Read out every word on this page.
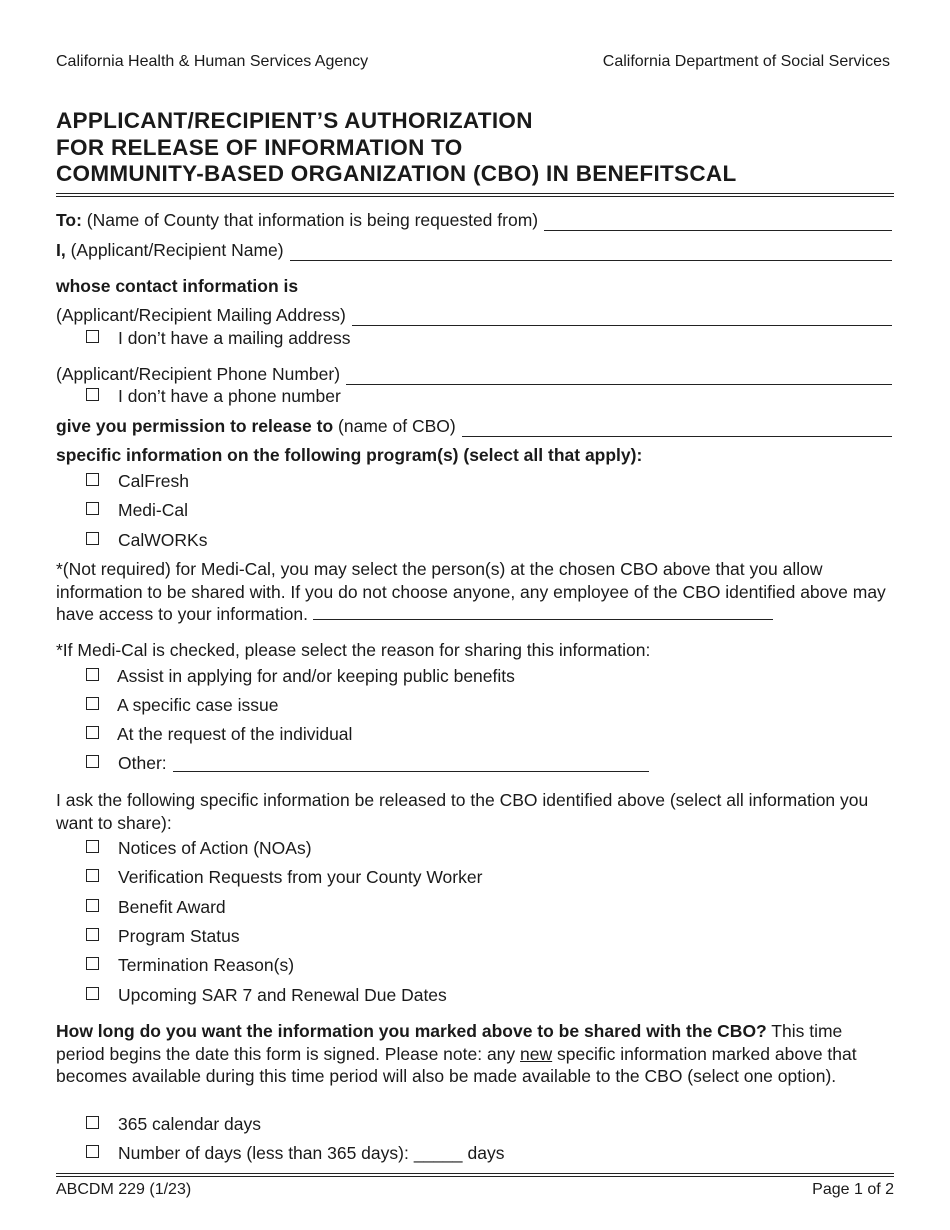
California Health & Human Services Agency	California Department of Social Services
APPLICANT/RECIPIENT’S AUTHORIZATION
FOR RELEASE OF INFORMATION TO
COMMUNITY-BASED ORGANIZATION (CBO) IN BENEFITSCAL
To: (Name of County that information is being requested from)
I, (Applicant/Recipient Name)
whose contact information is
(Applicant/Recipient Mailing Address)
I don’t have a mailing address
(Applicant/Recipient Phone Number)
I don’t have a phone number
give you permission to release to (name of CBO)
specific information on the following program(s) (select all that apply):
CalFresh
Medi-Cal
CalWORKs
*(Not required) for Medi-Cal, you may select the person(s) at the chosen CBO above that you allow information to be shared with. If you do not choose anyone, any employee of the CBO identified above may have access to your information.
*If Medi-Cal is checked, please select the reason for sharing this information:
Assist in applying for and/or keeping public benefits
A specific case issue
At the request of the individual
Other:
I ask the following specific information be released to the CBO identified above (select all information you want to share):
Notices of Action (NOAs)
Verification Requests from your County Worker
Benefit Award
Program Status
Termination Reason(s)
Upcoming SAR 7 and Renewal Due Dates
How long do you want the information you marked above to be shared with the CBO? This time period begins the date this form is signed. Please note: any new specific information marked above that becomes available during this time period will also be made available to the CBO (select one option).
365 calendar days
Number of days (less than 365 days): _____ days
ABCDM 229 (1/23)	Page 1 of 2
